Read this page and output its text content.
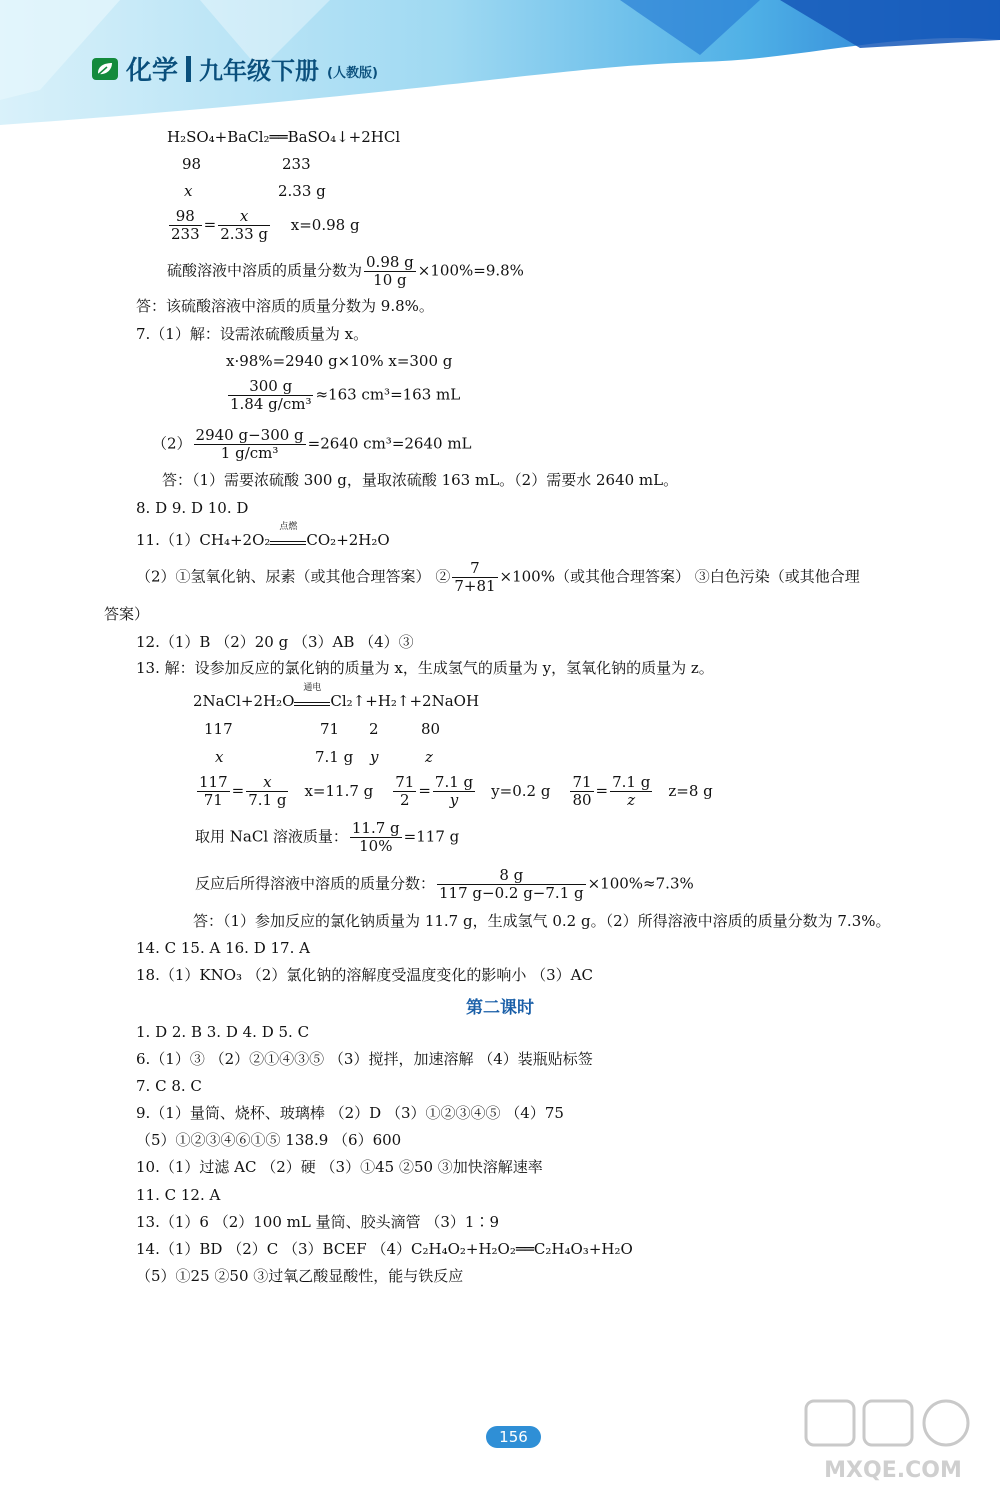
化学 九年级下册 (人教版)
H₂SO₄+BaCl₂══BaSO₄↓+2HCl
98	233
x	2.33 g
$\frac{98}{233} = \frac{x}{2.33 g} x=0.98$ g
硫酸溶液中溶质的质量分数为 $\frac{0.98 g}{10 g} \times 100\%=9.8\%$
答：该硫酸溶液中溶质的质量分数为 9.8%。
7.（1）解：设需浓硫酸质量为 x。
x·98%=2940 g×10% x=300 g
$\frac{300 g}{\text{1.84 g/cm³}} \approx 163$ cm³=163 mL
$(2) \frac{2940 g-300 g}{\text{1 g/cm³}} =2640$ cm³=2640 mL
答：（1）需要浓硫酸 300 g，量取浓硫酸 163 mL。（2）需要水 2640 mL。
8. D 9. D 10. D
11.（1）CH₄+2O₂
点燃
CO₂+2H₂O
（2）①氢氧化钠、尿素（或其他合理答案） ② $\frac{7}{7+81} \times 100\%$（或其他合理答案） ③白色污染（或其他合理
答案）
12.（1）B （2）20 g （3）AB （4）③
13. 解：设参加反应的氯化钠的质量为 x，生成氢气的质量为 y，氢氧化钠的质量为 z。
2NaCl+2H₂O
通电
Cl₂↑+H₂↑+2NaOH
117	71 2	80
x	7.1 g y	z
$\frac{117}{71} = \frac{x}{7.1 g} x=11.7$ g $\frac{71}{2} = \frac{7.1 g}{y} y=0.2$ g $\frac{71}{80} = \frac{7.1 g}{z} z=8$ g
取用 NaCl 溶液质量： $\frac{11.7 g}{10\%} =117$ g
反应后所得溶液中溶质的质量分数： $\frac{8 g}{117 g-0.2 g-7.1 g} \times 100\%\approx 7.3\%$
答：（1）参加反应的氯化钠质量为 11.7 g，生成氢气 0.2 g。（2）所得溶液中溶质的质量分数为 7.3%。
14. C 15. A 16. D 17. A
18.（1）KNO₃ （2）氯化钠的溶解度受温度变化的影响小 （3）AC
第二课时
1. D 2. B 3. D 4. D 5. C
6.（1）③ （2）②①④③⑤ （3）搅拌，加速溶解 （4）装瓶贴标签
7. C 8. C
9.（1）量筒、烧杯、玻璃棒 （2）D （3）①②③④⑤ （4）75
（5）①②③④⑥①⑤ 138.9 （6）600
10.（1）过滤 AC （2）硬 （3）①45 ②50 ③加快溶解速率
11. C 12. A
13.（1）6 （2）100 mL 量筒、胶头滴管 （3）1∶9
14.（1）BD （2）C （3）BCEF （4）C₂H₄O₂+H₂O₂══C₂H₄O₃+H₂O
（5）①25 ②50 ③过氧乙酸显酸性，能与铁反应
156
MXQE.COM
